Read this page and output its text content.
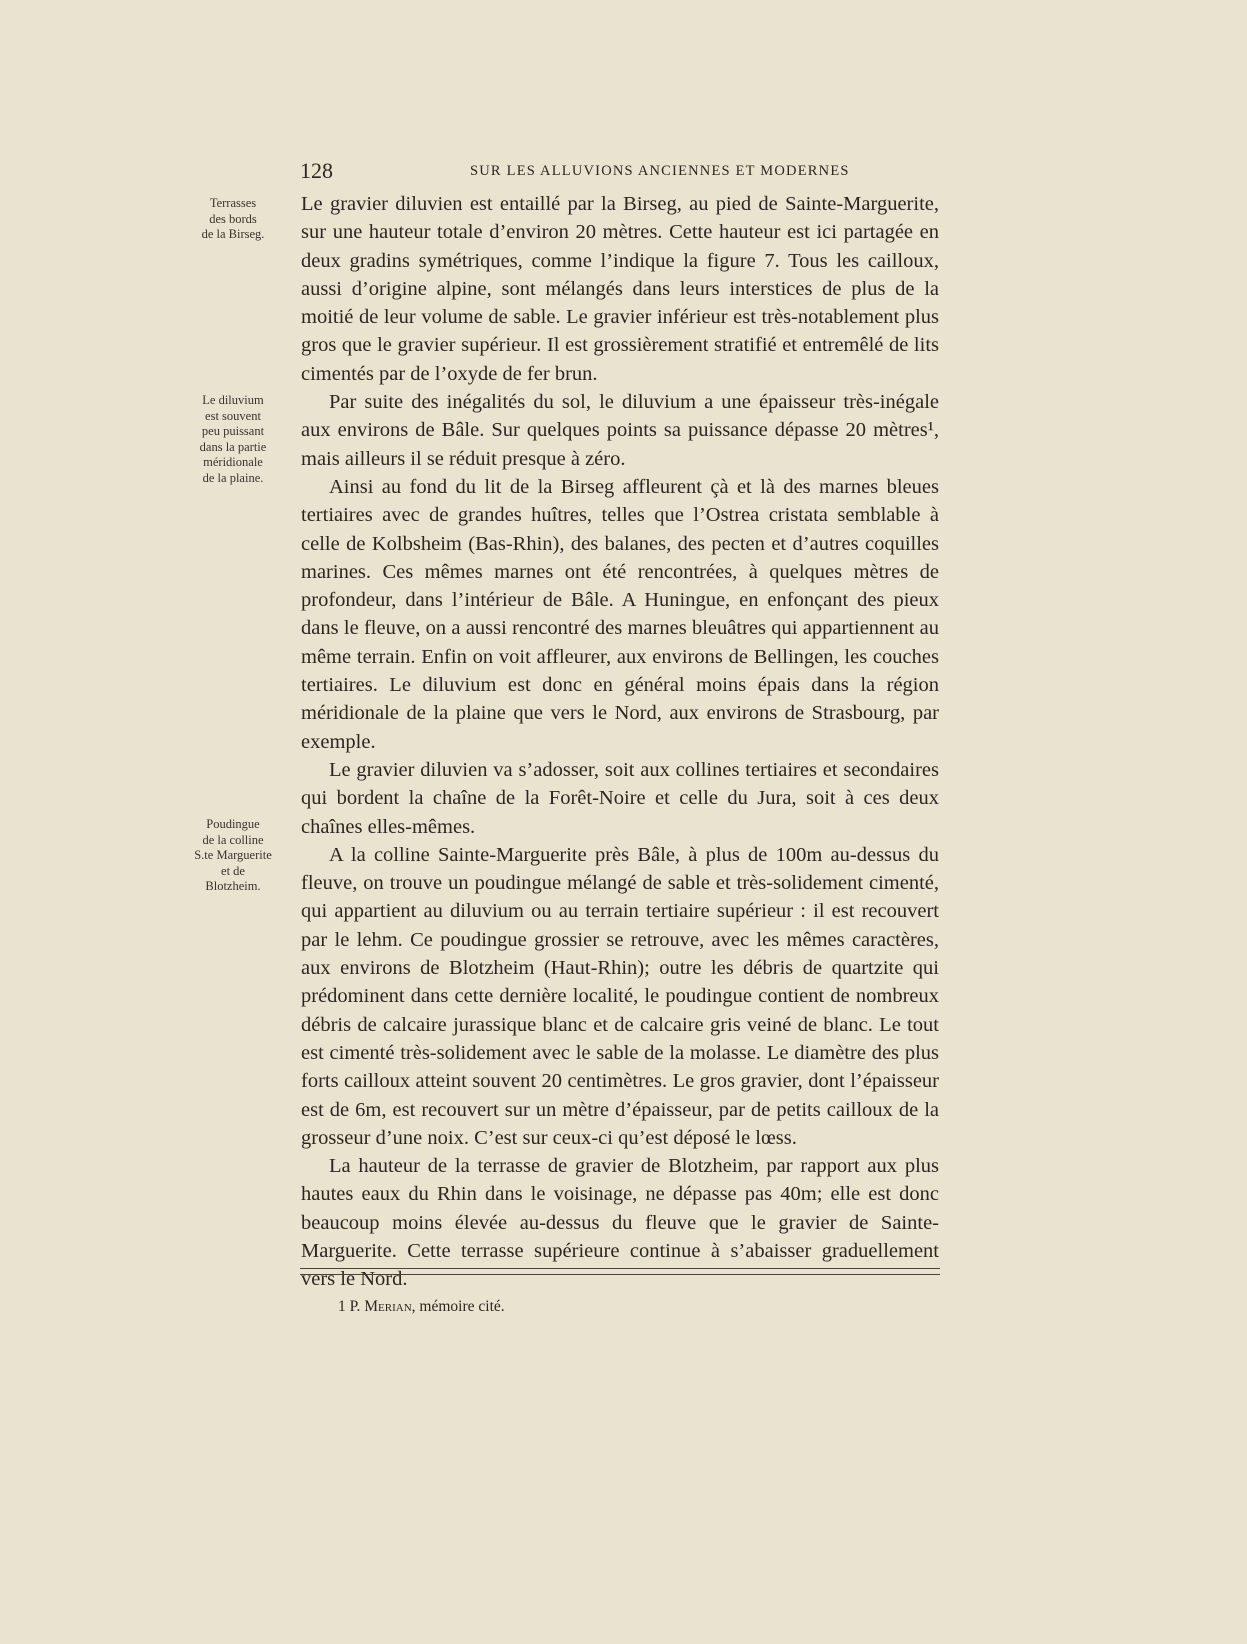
128	SUR LES ALLUVIONS ANCIENNES ET MODERNES
Terrasses
des bords
de la Birseg.
Le diluvium
est souvent
peu puissant
dans la partie
méridionale
de la plaine.
Poudingue
de la colline
S.te Marguerite
et de
Blotzheim.

Le gravier diluvien est entaillé par la Birseg, au pied de Sainte-Marguerite, sur une hauteur totale d’environ 20 mètres. Cette hauteur est ici partagée en deux gradins symétriques, comme l’indique la figure 7. Tous les cailloux, aussi d’origine alpine, sont mélangés dans leurs interstices de plus de la moitié de leur volume de sable. Le gravier inférieur est très-notablement plus gros que le gravier supérieur. Il est grossièrement stratifié et entremêlé de lits cimentés par de l’oxyde de fer brun.

Par suite des inégalités du sol, le diluvium a une épaisseur très-inégale aux environs de Bâle. Sur quelques points sa puissance dépasse 20 mètres¹, mais ailleurs il se réduit presque à zéro.

Ainsi au fond du lit de la Birseg affleurent çà et là des marnes bleues tertiaires avec de grandes huîtres, telles que l’Ostrea cristata semblable à celle de Kolbsheim (Bas-Rhin), des balanes, des pecten et d’autres coquilles marines. Ces mêmes marnes ont été rencontrées, à quelques mètres de profondeur, dans l’intérieur de Bâle. A Huningue, en enfonçant des pieux dans le fleuve, on a aussi rencontré des marnes bleuâtres qui appartiennent au même terrain. Enfin on voit affleurer, aux environs de Bellingen, les couches tertiaires. Le diluvium est donc en général moins épais dans la région méridionale de la plaine que vers le Nord, aux environs de Strasbourg, par exemple.

Le gravier diluvien va s’adosser, soit aux collines tertiaires et secondaires qui bordent la chaîne de la Forêt-Noire et celle du Jura, soit à ces deux chaînes elles-mêmes.

A la colline Sainte-Marguerite près Bâle, à plus de 100m au-dessus du fleuve, on trouve un poudingue mélangé de sable et très-solidement cimenté, qui appartient au diluvium ou au terrain tertiaire supérieur : il est recouvert par le lehm. Ce poudingue grossier se retrouve, avec les mêmes caractères, aux environs de Blotzheim (Haut-Rhin); outre les débris de quartzite qui prédominent dans cette dernière localité, le poudingue contient de nombreux débris de calcaire jurassique blanc et de calcaire gris veiné de blanc. Le tout est cimenté très-solidement avec le sable de la molasse. Le diamètre des plus forts cailloux atteint souvent 20 centimètres. Le gros gravier, dont l’épaisseur est de 6m, est recouvert sur un mètre d’épaisseur, par de petits cailloux de la grosseur d’une noix. C’est sur ceux-ci qu’est déposé le lœss.

La hauteur de la terrasse de gravier de Blotzheim, par rapport aux plus hautes eaux du Rhin dans le voisinage, ne dépasse pas 40m; elle est donc beaucoup moins élevée au-dessus du fleuve que le gravier de Sainte-Marguerite. Cette terrasse supérieure continue à s’abaisser graduellement vers le Nord.

1 P. Merian, mémoire cité.
